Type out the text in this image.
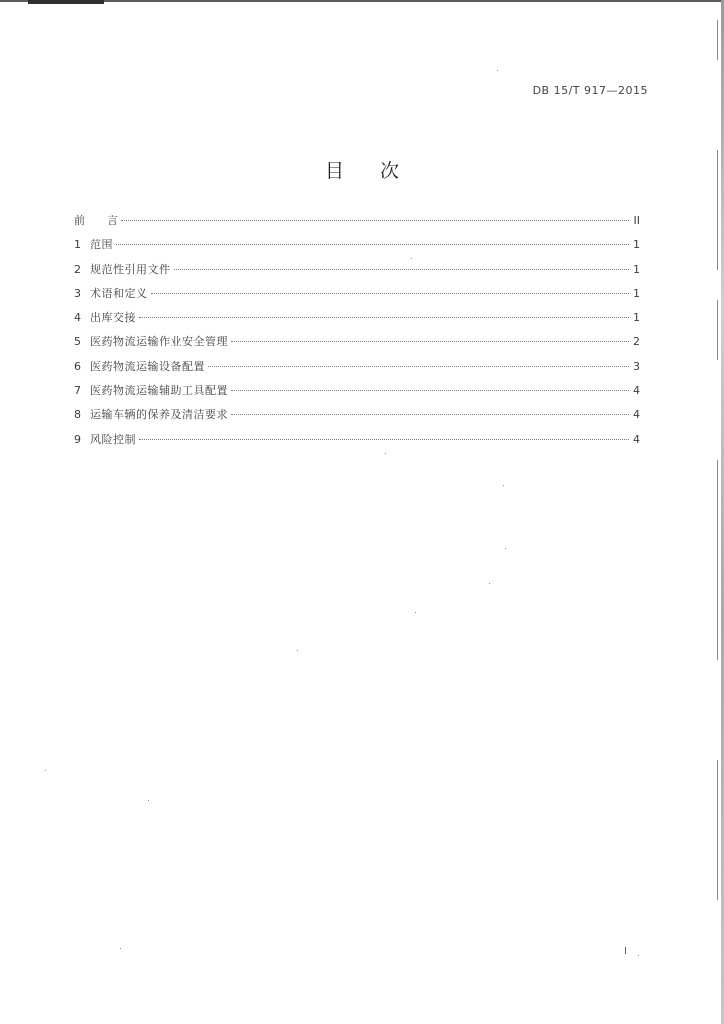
DB 15/T 917—2015
目 次
前　　言	II
1 范围	1
2 规范性引用文件	1
3 术语和定义	1
4 出库交接	1
5 医药物流运输作业安全管理	2
6 医药物流运输设备配置	3
7 医药物流运输辅助工具配置	4
8 运输车辆的保养及清洁要求	4
9 风险控制	4
I
